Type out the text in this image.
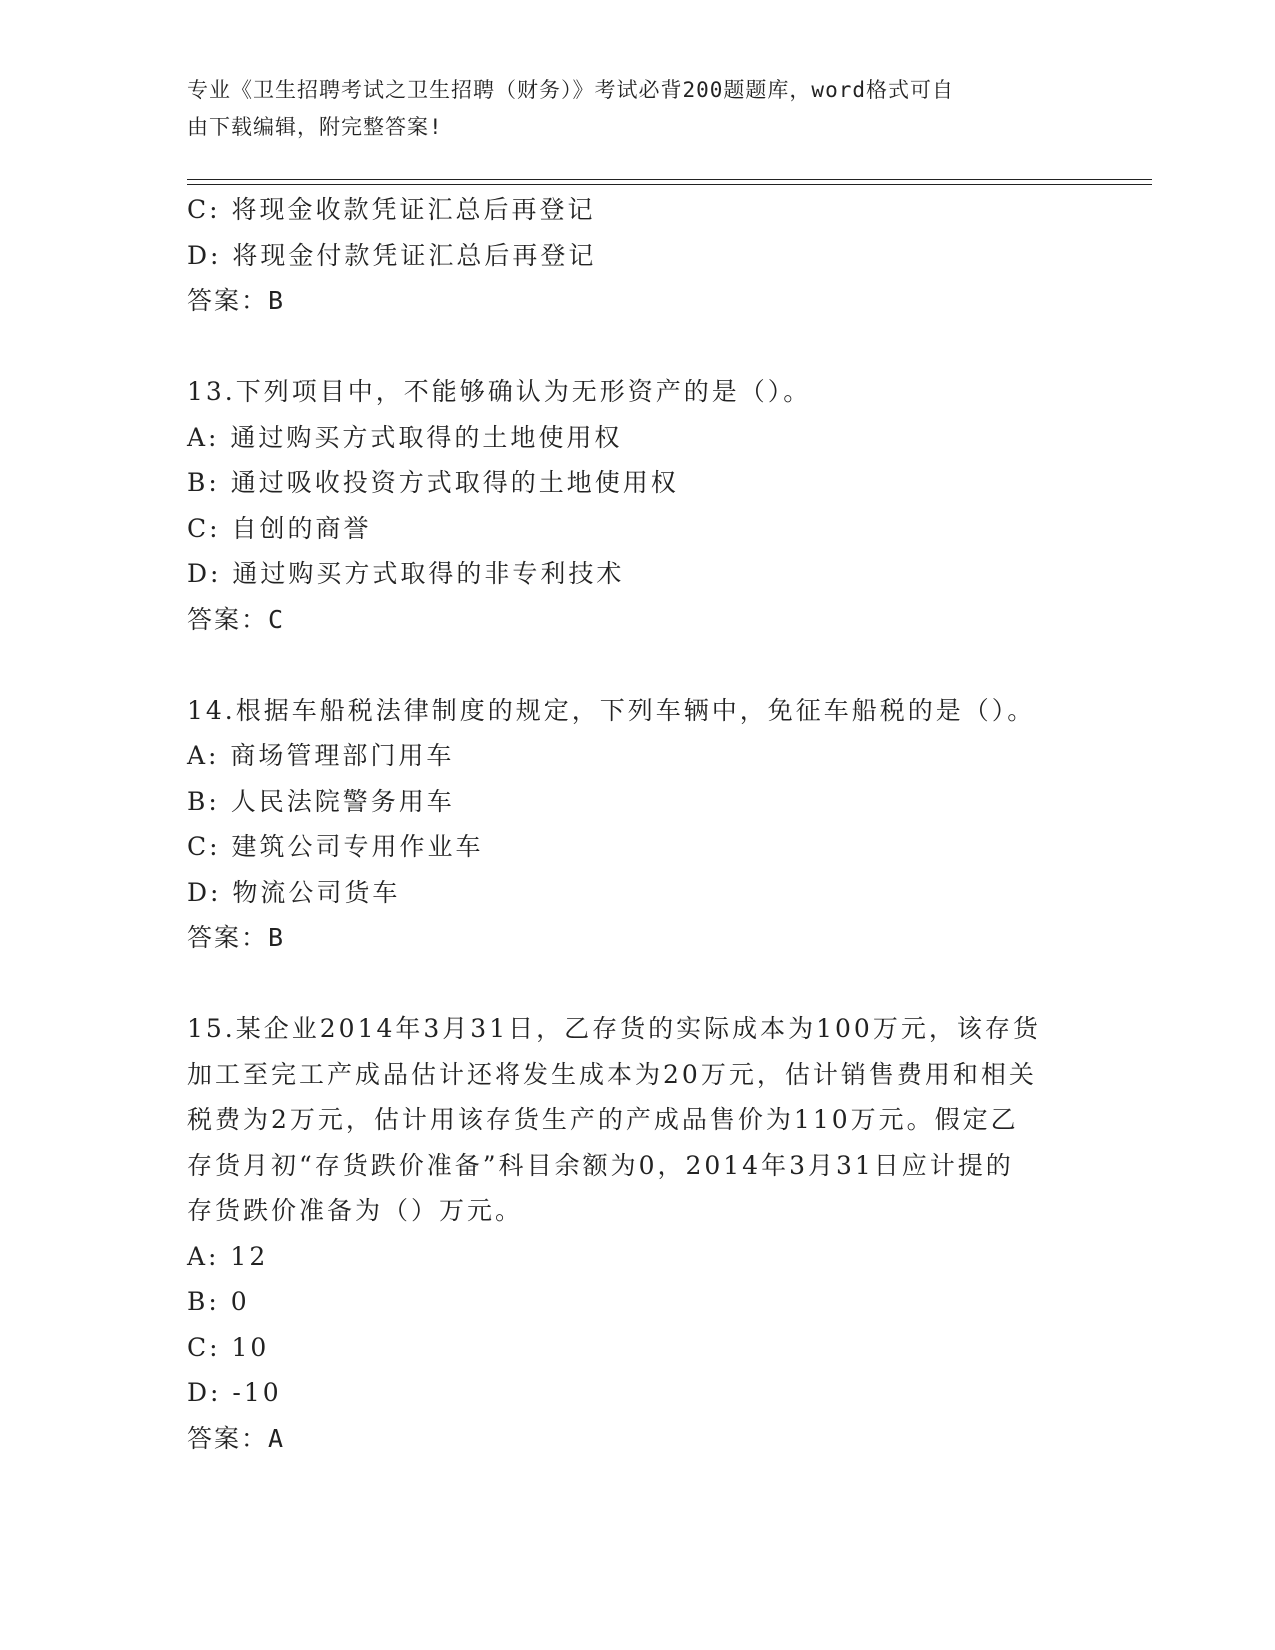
专业《卫生招聘考试之卫生招聘（财务）》考试必背200题题库，word格式可自
由下载编辑，附完整答案!
C: 将现金收款凭证汇总后再登记
D: 将现金付款凭证汇总后再登记
答案：B
13.下列项目中，不能够确认为无形资产的是（）。
A: 通过购买方式取得的土地使用权
B: 通过吸收投资方式取得的土地使用权
C: 自创的商誉
D: 通过购买方式取得的非专利技术
答案：C
14.根据车船税法律制度的规定，下列车辆中，免征车船税的是（）。
A: 商场管理部门用车
B: 人民法院警务用车
C: 建筑公司专用作业车
D: 物流公司货车
答案：B
15.某企业2014年3月31日，乙存货的实际成本为100万元，该存货
加工至完工产成品估计还将发生成本为20万元，估计销售费用和相关
税费为2万元，估计用该存货生产的产成品售价为110万元。假定乙
存货月初“存货跌价准备”科目余额为0，2014年3月31日应计提的
存货跌价准备为（）万元。
A: 12
B: 0
C: 10
D: -10
答案：A
